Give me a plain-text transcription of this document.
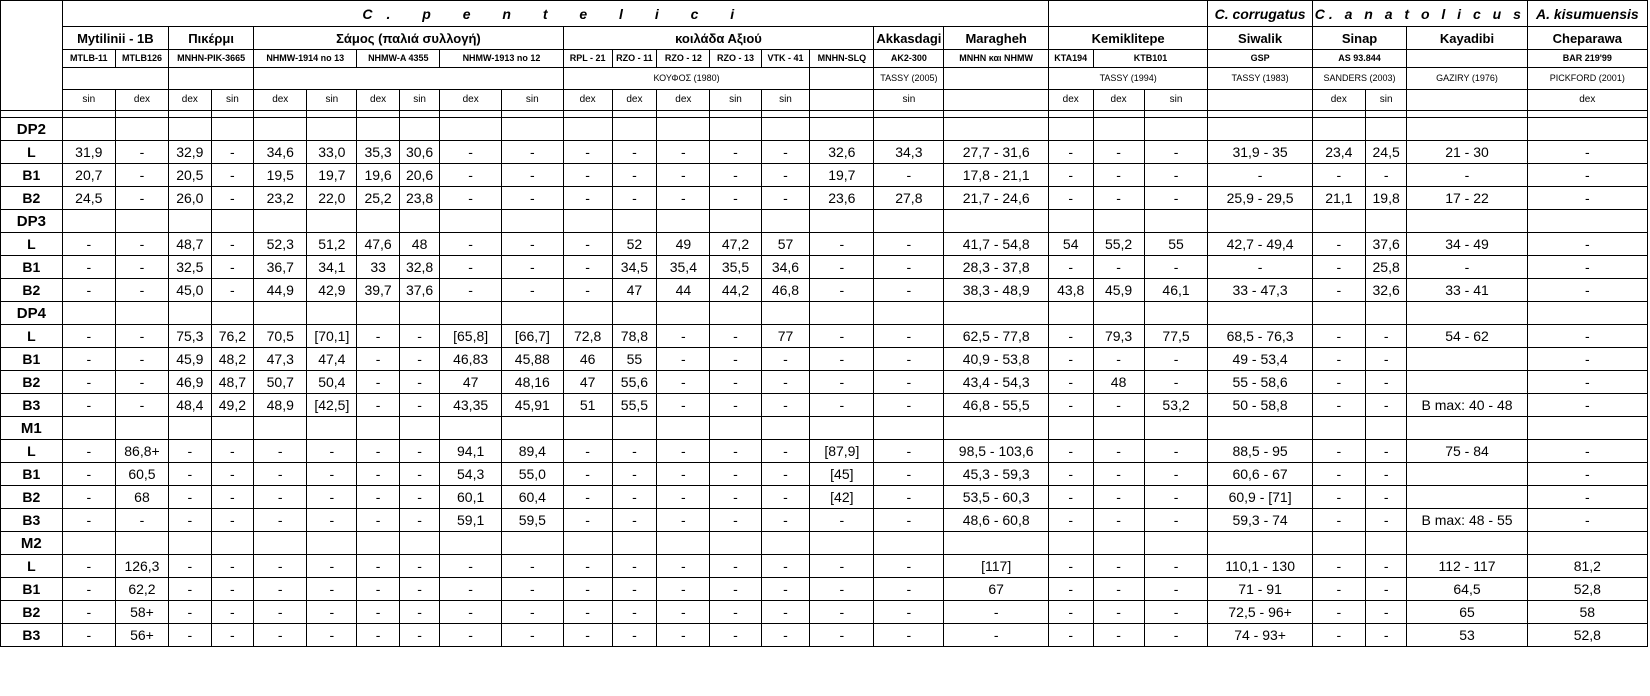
	C. p e n t e l i c i																					C. corrugatus	C. a n a t o l i c u s			A. kisumuensis
	Mytilinii - 1B		Πικέρμι		Σάμος (παλιά συλλογή)						κοιλάδα Αξιού						Akkasdagi	Maragheh	Kemiklitepe			Siwalik	Sinap		Kayadibi	Cheparawa
	MTLB-11	MTLB126	MNHN-PIK-3665		NHMW-1914 no 13		NHMW-A 4355		NHMW-1913 no 12		RPL - 21	RZO - 11	RZO - 12	RZO - 13	VTK - 41	MNHN-SLQ	AK2-300	MNHN και NHMW	KTA194	KTB101		GSP	AS 93.844			BAR 219'99
											ΚΟΥΦΟΣ (1980)						TASSY (2005)		TASSY (1994)			TASSY (1983)	SANDERS (2003)		GAZIRY (1976)	PICKFORD (2001)
	sin	dex	dex	sin	dex	sin	dex	sin	dex	sin	dex	dex	dex	sin	sin		sin		dex	dex	sin		dex	sin		dex

DP2																										
L	31,9	-	32,9	-	34,6	33,0	35,3	30,6	-	-	-	-	-	-	-	32,6	34,3	27,7 - 31,6	-	-	-	31,9 - 35	23,4	24,5	21 - 30	-
B1	20,7	-	20,5	-	19,5	19,7	19,6	20,6	-	-	-	-	-	-	-	19,7	-	17,8 - 21,1	-	-	-	-	-	-	-	-
B2	24,5	-	26,0	-	23,2	22,0	25,2	23,8	-	-	-	-	-	-	-	23,6	27,8	21,7 - 24,6	-	-	-	25,9 - 29,5	21,1	19,8	17 - 22	-
DP3																										
L	-	-	48,7	-	52,3	51,2	47,6	48	-	-	-	52	49	47,2	57	-	-	41,7 - 54,8	54	55,2	55	42,7 - 49,4	-	37,6	34 - 49	-
B1	-	-	32,5	-	36,7	34,1	33	32,8	-	-	-	34,5	35,4	35,5	34,6	-	-	28,3 - 37,8	-	-	-	-	-	25,8	-	-
B2	-	-	45,0	-	44,9	42,9	39,7	37,6	-	-	-	47	44	44,2	46,8	-	-	38,3 - 48,9	43,8	45,9	46,1	33 - 47,3	-	32,6	33 - 41	-
DP4																										
L	-	-	75,3	76,2	70,5	[70,1]	-	-	[65,8]	[66,7]	72,8	78,8	-	-	77	-	-	62,5 - 77,8	-	79,3	77,5	68,5 - 76,3	-	-	54 - 62	-
B1	-	-	45,9	48,2	47,3	47,4	-	-	46,83	45,88	46	55	-	-	-	-	-	40,9 - 53,8	-	-	-	49 - 53,4	-	-		-
B2	-	-	46,9	48,7	50,7	50,4	-	-	47	48,16	47	55,6	-	-	-	-	-	43,4 - 54,3	-	48	-	55 - 58,6	-	-		-
B3	-	-	48,4	49,2	48,9	[42,5]	-	-	43,35	45,91	51	55,5	-	-	-	-	-	46,8 - 55,5	-	-	53,2	50 - 58,8	-	-	B max: 40 - 48	-
M1																										
L	-	86,8+	-	-	-	-	-	-	94,1	89,4	-	-	-	-	-	[87,9]	-	98,5 - 103,6	-	-	-	88,5 - 95	-	-	75 - 84	-
B1	-	60,5	-	-	-	-	-	-	54,3	55,0	-	-	-	-	-	[45]	-	45,3 - 59,3	-	-	-	60,6 - 67	-	-		-
B2	-	68	-	-	-	-	-	-	60,1	60,4	-	-	-	-	-	[42]	-	53,5 - 60,3	-	-	-	60,9 - [71]	-	-		-
B3	-	-	-	-	-	-	-	-	59,1	59,5	-	-	-	-	-	-	-	48,6 - 60,8	-	-	-	59,3 - 74	-	-	B max: 48 - 55	-
M2																										
L	-	126,3	-	-	-	-	-	-	-	-	-	-	-	-	-	-	-	[117]	-	-	-	110,1 - 130	-	-	112 - 117	81,2
B1	-	62,2	-	-	-	-	-	-	-	-	-	-	-	-	-	-	-	67	-	-	-	71 - 91	-	-	64,5	52,8
B2	-	58+	-	-	-	-	-	-	-	-	-	-	-	-	-	-	-	-	-	-	-	72,5 - 96+	-	-	65	58
B3	-	56+	-	-	-	-	-	-	-	-	-	-	-	-	-	-	-	-	-	-	-	74 - 93+	-	-	53	52,8
